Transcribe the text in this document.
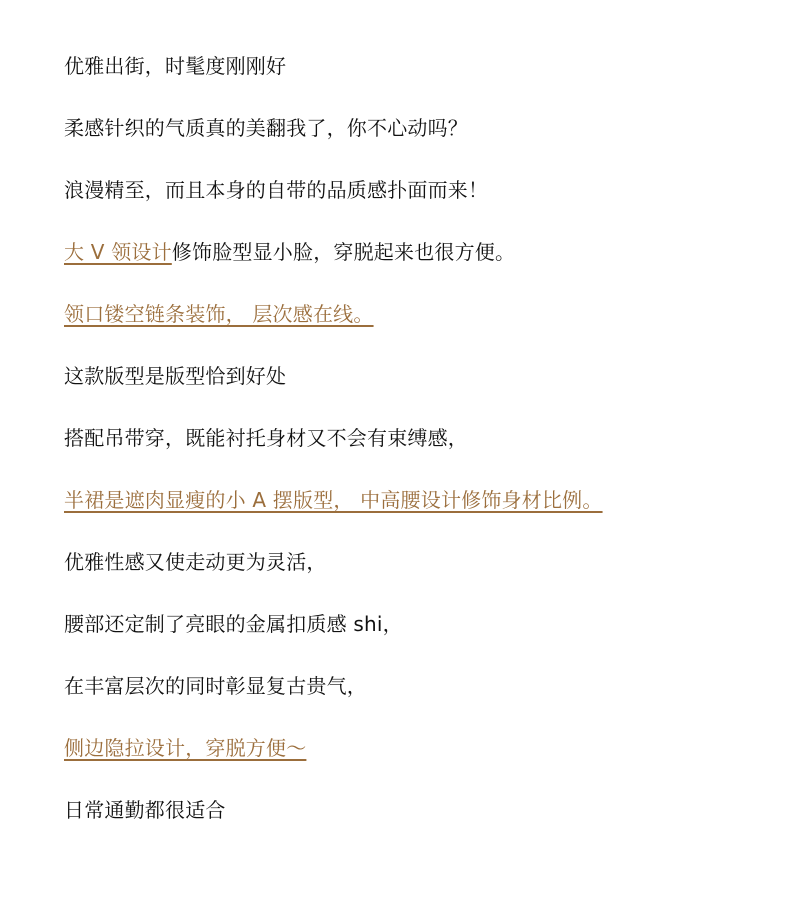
优雅出街，时髦度刚刚好
柔感针织的气质真的美翻我了，你不心动吗？
浪漫精至，而且本身的自带的品质感扑面而来！
大 V 领设计修饰脸型显小脸，穿脱起来也很方便。
领口镂空链条装饰， 层次感在线。
这款版型是版型恰到好处
搭配吊带穿，既能衬托身材又不会有束缚感，
半裙是遮肉显瘦的小 A 摆版型， 中高腰设计修饰身材比例。
优雅性感又使走动更为灵活，
腰部还定制了亮眼的金属扣质感 shi，
在丰富层次的同时彰显复古贵气，
侧边隐拉设计，穿脱方便～
日常通勤都很适合
